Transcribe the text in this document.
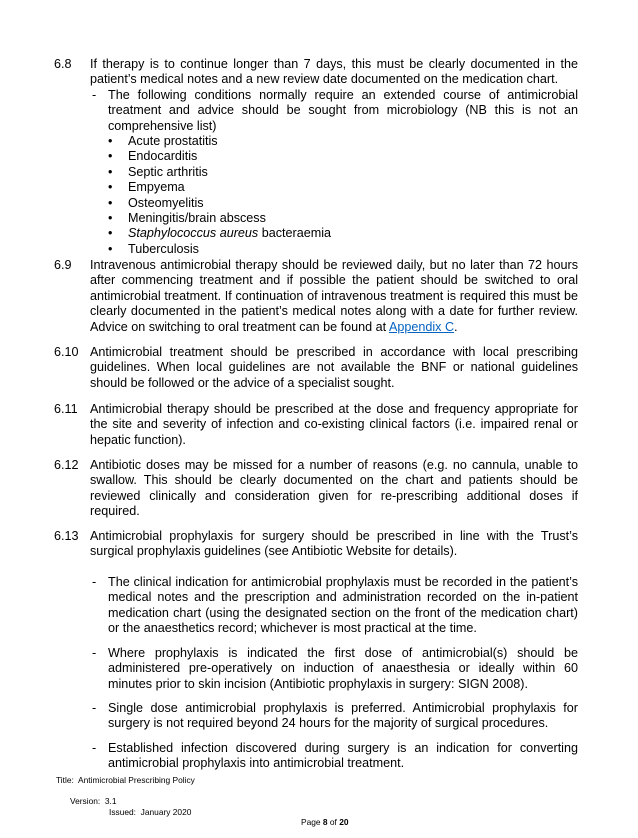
6.8	If therapy is to continue longer than 7 days, this must be clearly documented in the patient’s medical notes and a new review date documented on the medication chart.
- The following conditions normally require an extended course of antimicrobial treatment and advice should be sought from microbiology (NB this is not an comprehensive list)
• Acute prostatitis
• Endocarditis
• Septic arthritis
• Empyema
• Osteomyelitis
• Meningitis/brain abscess
• Staphylococcus aureus bacteraemia
• Tuberculosis
6.9	Intravenous antimicrobial therapy should be reviewed daily, but no later than 72 hours after commencing treatment and if possible the patient should be switched to oral antimicrobial treatment. If continuation of intravenous treatment is required this must be clearly documented in the patient’s medical notes along with a date for further review. Advice on switching to oral treatment can be found at Appendix C.
6.10 Antimicrobial treatment should be prescribed in accordance with local prescribing guidelines. When local guidelines are not available the BNF or national guidelines should be followed or the advice of a specialist sought.
6.11 Antimicrobial therapy should be prescribed at the dose and frequency appropriate for the site and severity of infection and co-existing clinical factors (i.e. impaired renal or hepatic function).
6.12 Antibiotic doses may be missed for a number of reasons (e.g. no cannula, unable to swallow. This should be clearly documented on the chart and patients should be reviewed clinically and consideration given for re-prescribing additional doses if required.
6.13 Antimicrobial prophylaxis for surgery should be prescribed in line with the Trust’s surgical prophylaxis guidelines (see Antibiotic Website for details).
- The clinical indication for antimicrobial prophylaxis must be recorded in the patient’s medical notes and the prescription and administration recorded on the in-patient medication chart (using the designated section on the front of the medication chart) or the anaesthetics record; whichever is most practical at the time.
- Where prophylaxis is indicated the first dose of antimicrobial(s) should be administered pre-operatively on induction of anaesthesia or ideally within 60 minutes prior to skin incision (Antibiotic prophylaxis in surgery: SIGN 2008).
- Single dose antimicrobial prophylaxis is preferred. Antimicrobial prophylaxis for surgery is not required beyond 24 hours for the majority of surgical procedures.
- Established infection discovered during surgery is an indication for converting antimicrobial prophylaxis into antimicrobial treatment.
Title:  Antimicrobial Prescribing Policy

Version:  3.1

Issued:  January 2020

Page 8 of 20
